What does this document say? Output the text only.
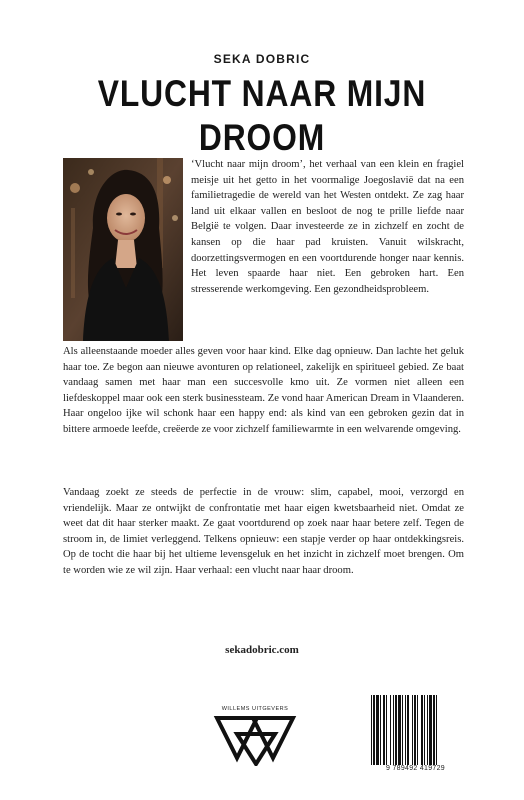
SEKA DOBRIC
VLUCHT NAAR MIJN DROOM
‘Vlucht naar mijn droom’, het verhaal van een klein en fragiel meisje uit het getto in het voormalige Joegoslavië dat na een familietragedie de wereld van het Westen ontdekt. Ze zag haar land uit elkaar vallen en besloot de nog te prille liefde naar België te volgen. Daar investeerde ze in zichzelf en zocht de kansen op die haar pad kruisten. Vanuit wilskracht, doorzettingsvermogen en een voortdurende honger naar kennis. Het leven spaarde haar niet. Een gebroken hart. Een stresserende werkomgeving. Een gezondheidsprobleem.
Als alleenstaande moeder alles geven voor haar kind. Elke dag opnieuw. Dan lachte het geluk haar toe. Ze begon aan nieuwe avonturen op relationeel, zakelijk en spiritueel gebied. Ze baat vandaag samen met haar man een succesvolle kmo uit. Ze vormen niet alleen een liefdeskoppel maar ook een sterk businessteam. Ze vond haar American Dream in Vlaanderen. Haar ongeloo ijke wil schonk haar een happy end: als kind van een gebroken gezin dat in bittere armoede leefde, creëerde ze voor zichzelf familiewarmte in een welvarende omgeving.
Vandaag zoekt ze steeds de perfectie in de vrouw: slim, capabel, mooi, verzorgd en vriendelijk. Maar ze ontwijkt de confrontatie met haar eigen kwetsbaarheid niet. Omdat ze weet dat dit haar sterker maakt. Ze gaat voortdurend op zoek naar haar betere zelf. Tegen de stroom in, de limiet verleggend. Telkens opnieuw: een stapje verder op haar ontdekkingsreis. Op de tocht die haar bij het ultieme levensgeluk en het inzicht in zichzelf moet brengen. Om te worden wie ze wil zijn. Haar verhaal: een vlucht naar haar droom.
sekadobric.com
WILLEMS UITGEVERS
9 789492 419729
